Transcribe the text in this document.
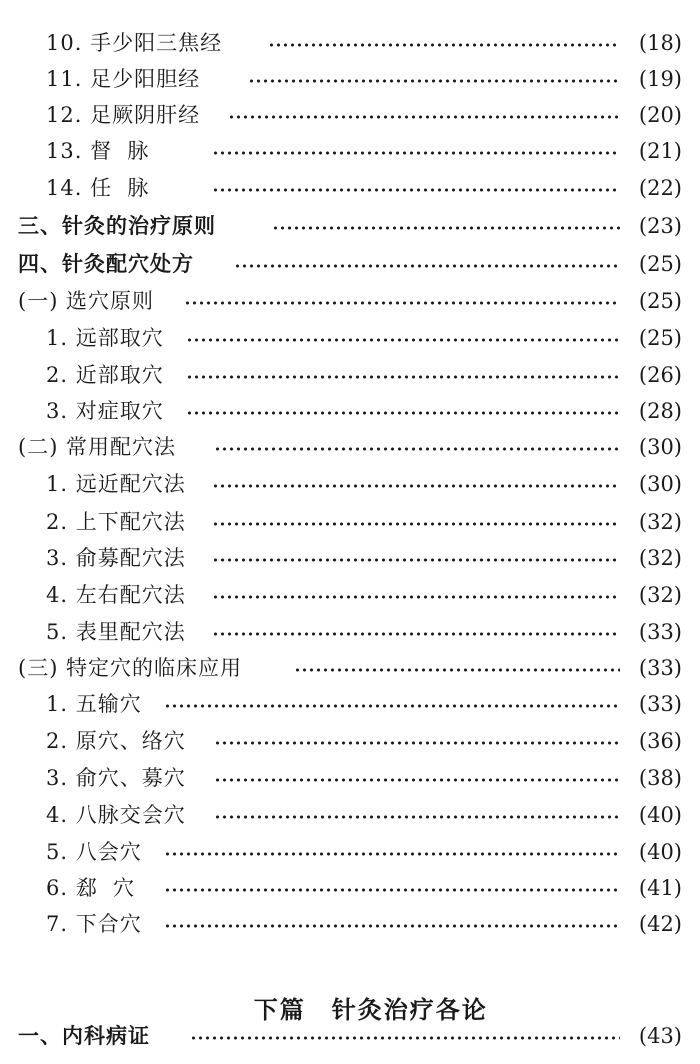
10. 手少阳三焦经	(18)
11. 足少阳胆经	(19)
12. 足厥阴肝经	(20)
13. 督  脉	(21)
14. 任  脉	(22)
三、针灸的治疗原则	(23)
四、针灸配穴处方	(25)
(一) 选穴原则	(25)
1. 远部取穴	(25)
2. 近部取穴	(26)
3. 对症取穴	(28)
(二) 常用配穴法	(30)
1. 远近配穴法	(30)
2. 上下配穴法	(32)
3. 俞募配穴法	(32)
4. 左右配穴法	(32)
5. 表里配穴法	(33)
(三) 特定穴的临床应用	(33)
1. 五输穴	(33)
2. 原穴、络穴	(36)
3. 俞穴、募穴	(38)
4. 八脉交会穴	(40)
5. 八会穴	(40)
6. 郄  穴	(41)
7. 下合穴	(42)

下篇 针灸治疗各论

一、内科病证	(43)
